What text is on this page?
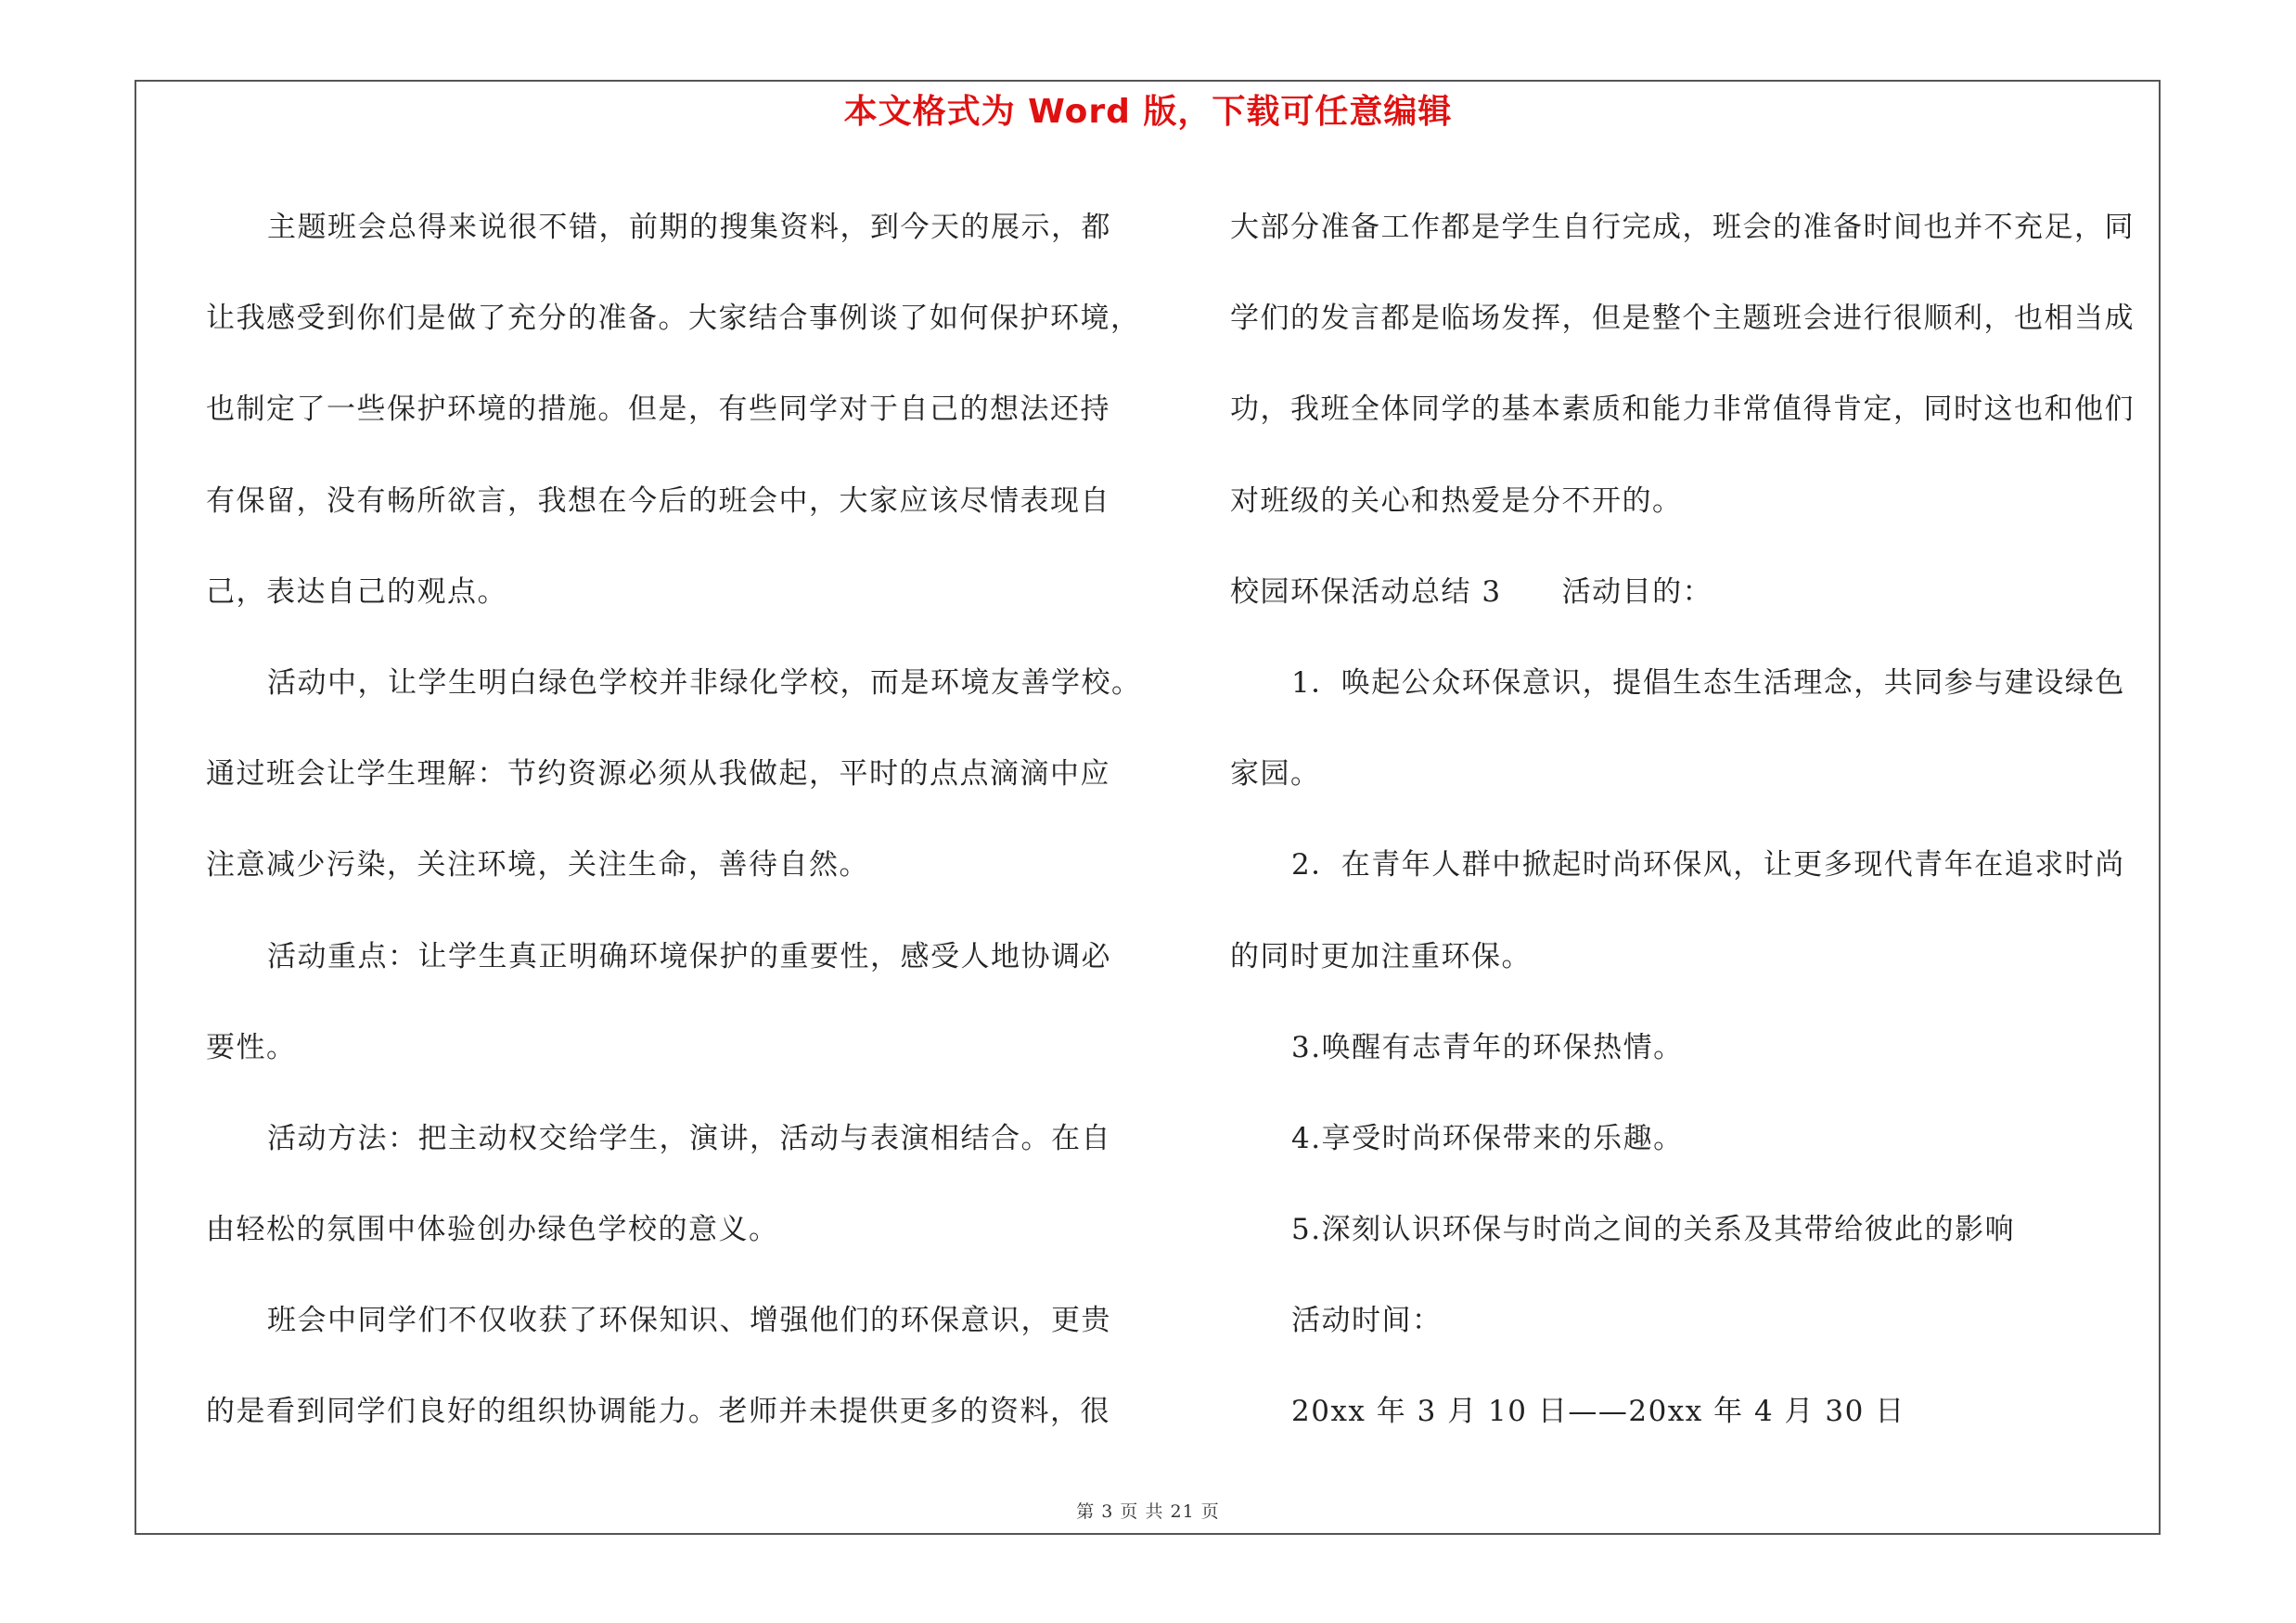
本文格式为 Word 版，下载可任意编辑
主题班会总得来说很不错，前期的搜集资料，到今天的展示，都
让我感受到你们是做了充分的准备。大家结合事例谈了如何保护环境，
也制定了一些保护环境的措施。但是，有些同学对于自己的想法还持
有保留，没有畅所欲言，我想在今后的班会中，大家应该尽情表现自
己，表达自己的观点。
活动中，让学生明白绿色学校并非绿化学校，而是环境友善学校。
通过班会让学生理解：节约资源必须从我做起，平时的点点滴滴中应
注意减少污染，关注环境，关注生命，善待自然。
活动重点：让学生真正明确环境保护的重要性，感受人地协调必
要性。
活动方法：把主动权交给学生，演讲，活动与表演相结合。在自
由轻松的氛围中体验创办绿色学校的意义。
班会中同学们不仅收获了环保知识、增强他们的环保意识，更贵
的是看到同学们良好的组织协调能力。老师并未提供更多的资料，很
大部分准备工作都是学生自行完成，班会的准备时间也并不充足，同
学们的发言都是临场发挥，但是整个主题班会进行很顺利，也相当成
功，我班全体同学的基本素质和能力非常值得肯定，同时这也和他们
对班级的关心和热爱是分不开的。
校园环保活动总结 3　　活动目的：
1．唤起公众环保意识，提倡生态生活理念，共同参与建设绿色
家园。
2．在青年人群中掀起时尚环保风，让更多现代青年在追求时尚
的同时更加注重环保。
3.唤醒有志青年的环保热情。
4.享受时尚环保带来的乐趣。
5.深刻认识环保与时尚之间的关系及其带给彼此的影响
活动时间：
20xx 年 3 月 10 日——20xx 年 4 月 30 日
第 3 页 共 21 页
